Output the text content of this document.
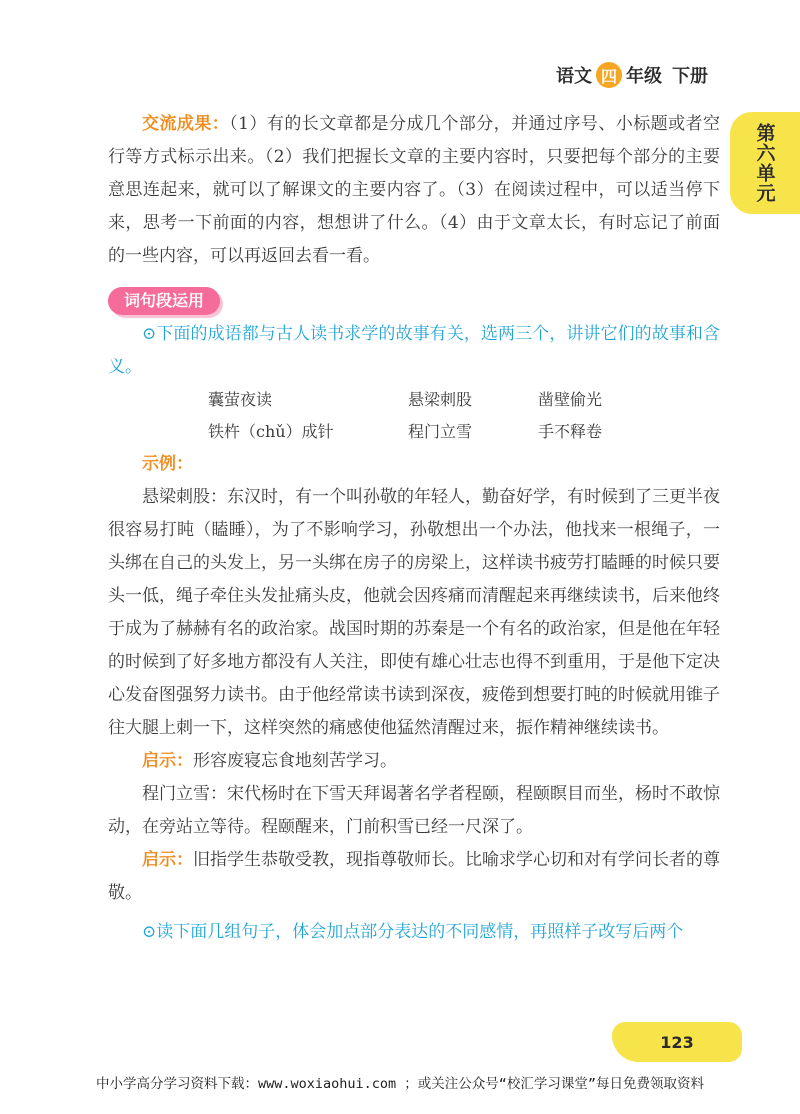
语文 四 年级 下册
第六单元

交流成果：（1）有的长文章都是分成几个部分，并通过序号、小标题或者空行等方式标示出来。（2）我们把握长文章的主要内容时，只要把每个部分的主要意思连起来，就可以了解课文的主要内容了。（3）在阅读过程中，可以适当停下来，思考一下前面的内容，想想讲了什么。（4）由于文章太长，有时忘记了前面的一些内容，可以再返回去看一看。

词句段运用

⊙下面的成语都与古人读书求学的故事有关，选两三个，讲讲它们的故事和含义。

囊萤夜读	悬梁刺股	凿壁偷光
铁杵（chǔ）成针	程门立雪	手不释卷

示例：

悬梁刺股：东汉时，有一个叫孙敬的年轻人，勤奋好学，有时候到了三更半夜很容易打盹（瞌睡），为了不影响学习，孙敬想出一个办法，他找来一根绳子，一头绑在自己的头发上，另一头绑在房子的房梁上，这样读书疲劳打瞌睡的时候只要头一低，绳子牵住头发扯痛头皮，他就会因疼痛而清醒起来再继续读书，后来他终于成为了赫赫有名的政治家。战国时期的苏秦是一个有名的政治家，但是他在年轻的时候到了好多地方都没有人关注，即使有雄心壮志也得不到重用，于是他下定决心发奋图强努力读书。由于他经常读书读到深夜，疲倦到想要打盹的时候就用锥子往大腿上刺一下，这样突然的痛感使他猛然清醒过来，振作精神继续读书。

启示：形容废寝忘食地刻苦学习。

程门立雪：宋代杨时在下雪天拜谒著名学者程颐，程颐瞑目而坐，杨时不敢惊动，在旁站立等待。程颐醒来，门前积雪已经一尺深了。

启示：旧指学生恭敬受教，现指尊敬师长。比喻求学心切和对有学问长者的尊敬。

⊙读下面几组句子，体会加点部分表达的不同感情，再照样子改写后两个

123
中小学高分学习资料下载：www.woxiaohui.com ；或关注公众号“校汇学习课堂”每日免费领取资料
